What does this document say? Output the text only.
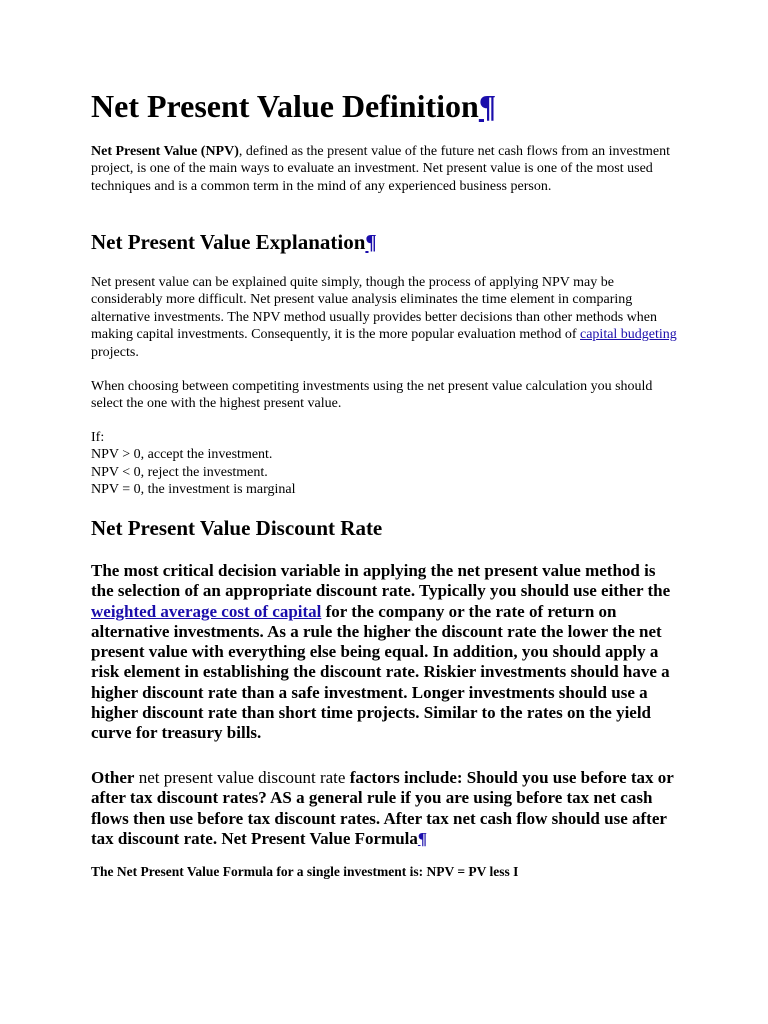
Net Present Value Definition¶

Net Present Value (NPV), defined as the present value of the future net cash flows from an investment project, is one of the main ways to evaluate an investment. Net present value is one of the most used techniques and is a common term in the mind of any experienced business person.

Net Present Value Explanation¶

Net present value can be explained quite simply, though the process of applying NPV may be considerably more difficult. Net present value analysis eliminates the time element in comparing alternative investments. The NPV method usually provides better decisions than other methods when making capital investments. Consequently, it is the more popular evaluation method of capital budgeting projects.

When choosing between competiting investments using the net present value calculation you should select the one with the highest present value.

If:
NPV > 0, accept the investment.
NPV < 0, reject the investment.
NPV = 0, the investment is marginal

Net Present Value Discount Rate

The most critical decision variable in applying the net present value method is the selection of an appropriate discount rate. Typically you should use either the weighted average cost of capital for the company or the rate of return on alternative investments. As a rule the higher the discount rate the lower the net present value with everything else being equal. In addition, you should apply a risk element in establishing the discount rate. Riskier investments should have a higher discount rate than a safe investment. Longer investments should use a higher discount rate than short time projects. Similar to the rates on the yield curve for treasury bills.

Other net present value discount rate factors include: Should you use before tax or after tax discount rates? AS a general rule if you are using before tax net cash flows then use before tax discount rates. After tax net cash flow should use after tax discount rate. Net Present Value Formula¶

The Net Present Value Formula for a single investment is: NPV = PV less I
